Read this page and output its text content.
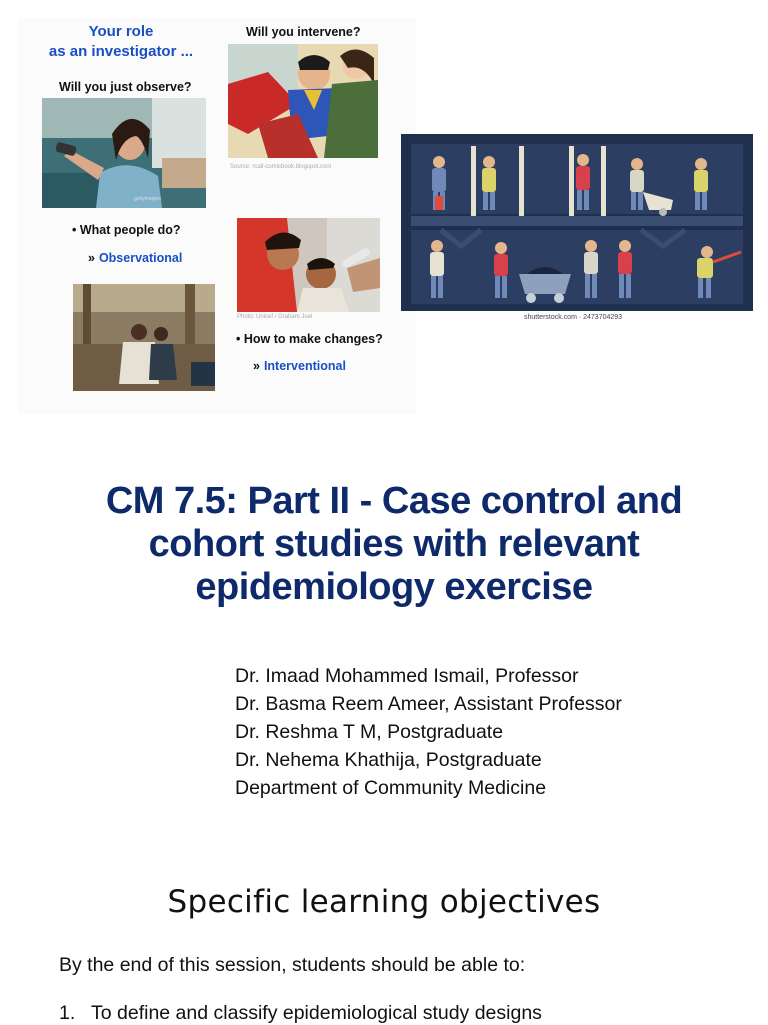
Your role
as an investigator ...
Will you just observe?
gettyimages
Will you intervene?
Source: rcall-comicbook.blogspot.com
• What people do?
» Observational
Photo: Unicef / Graham Joel
• How to make changes?
» Interventional
shutterstock.com · 2473704293
CM 7.5: Part II - Case control and
cohort studies with relevant
epidemiology exercise
Dr. Imaad Mohammed Ismail, Professor
Dr. Basma Reem Ameer, Assistant Professor
Dr. Reshma T M, Postgraduate
Dr. Nehema Khathija, Postgraduate
Department of Community Medicine
Specific learning objectives
By the end of this session, students should be able to:
1. To define and classify epidemiological study designs
